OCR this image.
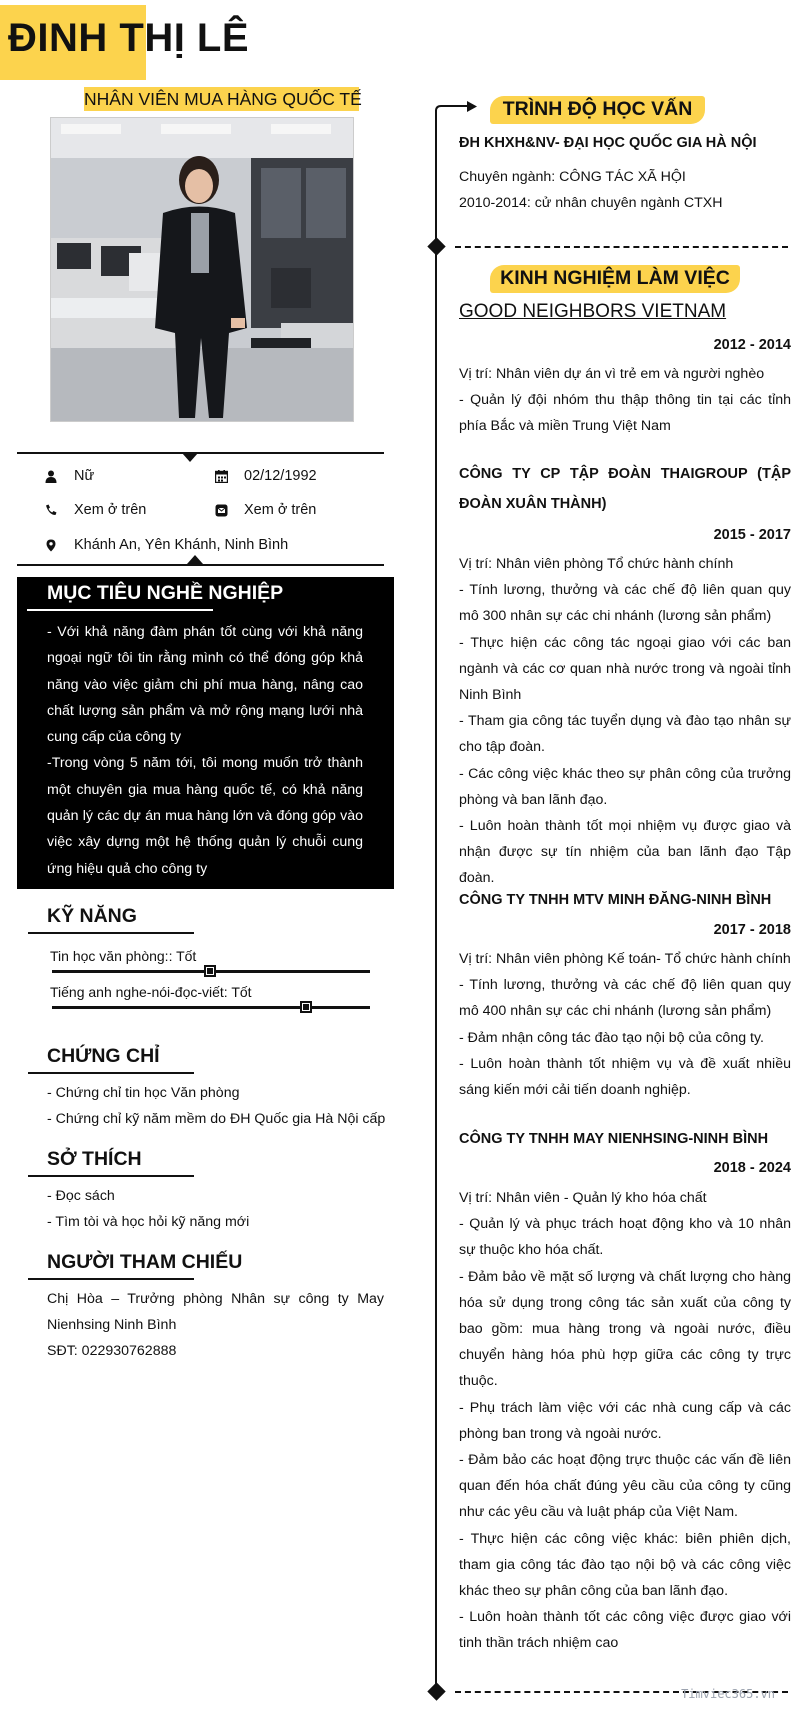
ĐINH THỊ LÊ
NHÂN VIÊN MUA HÀNG QUỐC TẾ
Nữ	02/12/1992
Xem ở trên	Xem ở trên
Khánh An, Yên Khánh, Ninh Bình
MỤC TIÊU NGHỀ NGHIỆP

- Với khả năng đàm phán tốt cùng với khả năng ngoại ngữ tôi tin rằng mình có thể đóng góp khả năng vào việc giảm chi phí mua hàng, nâng cao chất lượng sản phẩm và mở rộng mạng lưới nhà cung cấp của công ty

-Trong vòng 5 năm tới, tôi mong muốn trở thành một chuyên gia mua hàng quốc tế, có khả năng quản lý các dự án mua hàng lớn và đóng góp vào việc xây dựng một hệ thống quản lý chuỗi cung ứng hiệu quả cho công ty

KỸ NĂNG
Tin học văn phòng:: Tốt
Tiếng anh nghe-nói-đọc-viết: Tốt
CHỨNG CHỈ
- Chứng chỉ tin học Văn phòng
- Chứng chỉ kỹ năm mềm do ĐH Quốc gia Hà Nội cấp
SỞ THÍCH
- Đọc sách
- Tìm tòi và học hỏi kỹ năng mới
NGƯỜI THAM CHIẾU
Chị Hòa – Trưởng phòng Nhân sự công ty May Nienhsing Ninh Bình
SĐT: 022930762888
TRÌNH ĐỘ HỌC VẤN
ĐH KHXH&NV- ĐẠI HỌC QUỐC GIA HÀ NỘI
Chuyên ngành: CÔNG TÁC XÃ HỘI
2010-2014: cử nhân chuyên ngành CTXH
KINH NGHIỆM LÀM VIỆC
GOOD NEIGHBORS VIETNAM
2012 - 2014
Vị trí: Nhân viên dự án vì trẻ em và người nghèo
- Quản lý đội nhóm thu thập thông tin tại các tỉnh phía Bắc và miền Trung Việt Nam
CÔNG TY CP TẬP ĐOÀN THAIGROUP (TẬP ĐOÀN XUÂN THÀNH)
2015 - 2017
Vị trí: Nhân viên phòng Tổ chức hành chính
- Tính lương, thưởng và các chế độ liên quan quy mô 300 nhân sự các chi nhánh (lương sản phẩm)
- Thực hiện các công tác ngoại giao với các ban ngành và các cơ quan nhà nước trong và ngoài tỉnh Ninh Bình
- Tham gia công tác tuyển dụng và đào tạo nhân sự cho tập đoàn.
- Các công việc khác theo sự phân công của trưởng phòng và ban lãnh đạo.
- Luôn hoàn thành tốt mọi nhiệm vụ được giao và nhận được sự tín nhiệm của ban lãnh đạo Tập đoàn.
CÔNG TY TNHH MTV MINH ĐĂNG-NINH BÌNH
2017 - 2018
Vị trí: Nhân viên phòng Kế toán- Tổ chức hành chính
- Tính lương, thưởng và các chế độ liên quan quy mô 400 nhân sự các chi nhánh (lương sản phẩm)
- Đảm nhận công tác đào tạo nội bộ của công ty.
- Luôn hoàn thành tốt nhiệm vụ và đề xuất nhiều sáng kiến mới cải tiến doanh nghiệp.
CÔNG TY TNHH MAY NIENHSING-NINH BÌNH
2018 - 2024
Vị trí: Nhân viên - Quản lý kho hóa chất
- Quản lý và phục trách hoạt động kho và 10 nhân sự thuộc kho hóa chất.
- Đảm bảo về mặt số lượng và chất lượng cho hàng hóa sử dụng trong công tác sản xuất của công ty bao gồm: mua hàng trong và ngoài nước, điều chuyển hàng hóa phù hợp giữa các công ty trực thuộc.
- Phụ trách làm việc với các nhà cung cấp và các phòng ban trong và ngoài nước.
- Đảm bảo các hoạt động trực thuộc các vấn đề liên quan đến hóa chất đúng yêu cầu của công ty cũng như các yêu cầu và luật pháp của Việt Nam.
- Thực hiện các công việc khác: biên phiên dịch, tham gia công tác đào tạo nội bộ và các công việc khác theo sự phân công của ban lãnh đạo.
- Luôn hoàn thành tốt các công việc được giao với tinh thần trách nhiệm cao
Timviec365.vn
